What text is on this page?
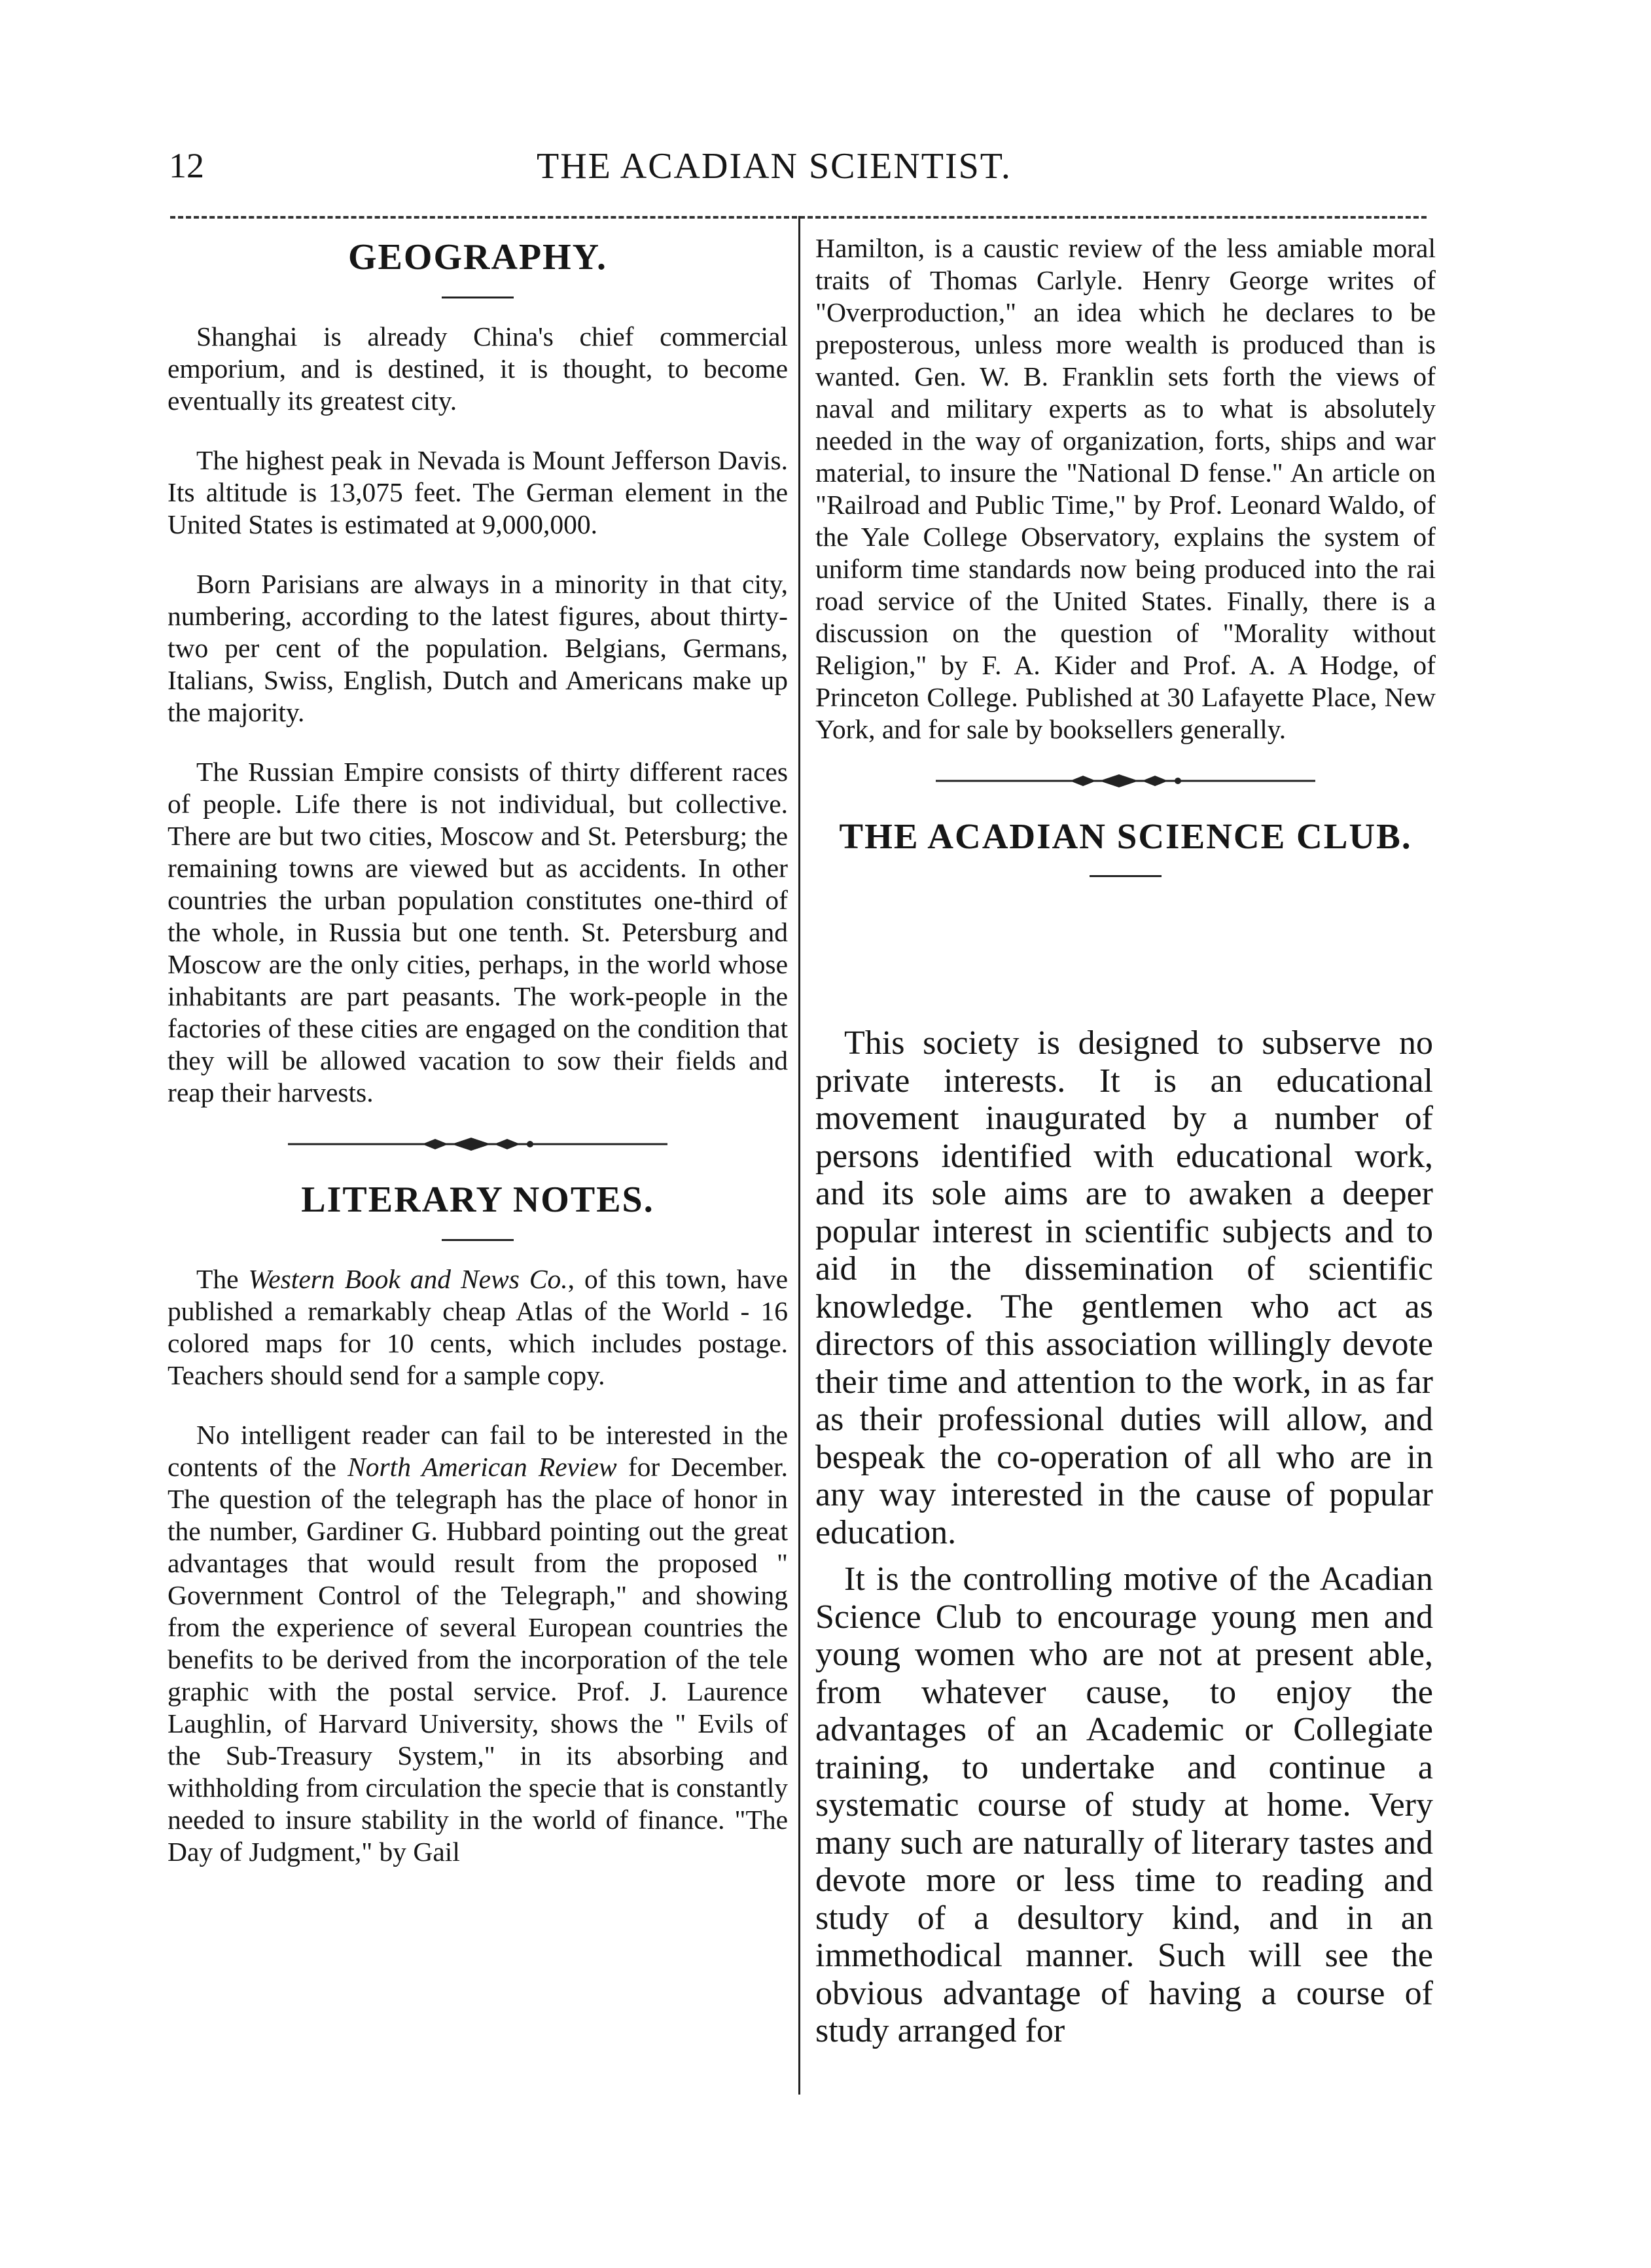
12	THE ACADIAN SCIENTIST.
GEOGRAPHY.

Shanghai is already China's chief commercial emporium, and is destined, it is thought, to become eventually its greatest city.

The highest peak in Nevada is Mount Jefferson Davis. Its altitude is 13,075 feet. The German element in the United States is estimated at 9,000,000.

Born Parisians are always in a minority in that city, numbering, according to the latest figures, about thirty-two per cent of the population. Belgians, Germans, Italians, Swiss, English, Dutch and Americans make up the majority.

The Russian Empire consists of thirty different races of people. Life there is not individual, but collective. There are but two cities, Moscow and St. Petersburg; the remaining towns are viewed but as accidents. In other countries the urban population constitutes one-third of the whole, in Russia but one tenth. St. Petersburg and Moscow are the only cities, perhaps, in the world whose inhabitants are part peasants. The work-people in the factories of these cities are engaged on the condition that they will be allowed vacation to sow their fields and reap their harvests.

LITERARY NOTES.

The Western Book and News Co., of this town, have published a remarkably cheap Atlas of the World - 16 colored maps for 10 cents, which includes postage. Teachers should send for a sample copy.

No intelligent reader can fail to be interested in the contents of the North American Review for December. The question of the telegraph has the place of honor in the number, Gardiner G. Hubbard pointing out the great advantages that would result from the proposed " Government Control of the Telegraph," and showing from the experience of several European countries the benefits to be derived from the incorporation of the tele graphic with the postal service. Prof. J. Laurence Laughlin, of Harvard University, shows the " Evils of the Sub-Treasury System," in its absorbing and withholding from circulation the specie that is constantly needed to insure stability in the world of finance. "The Day of Judgment," by Gail

Hamilton, is a caustic review of the less amiable moral traits of Thomas Carlyle. Henry George writes of "Overproduction," an idea which he declares to be preposterous, unless more wealth is produced than is wanted. Gen. W. B. Franklin sets forth the views of naval and military experts as to what is absolutely needed in the way of organization, forts, ships and war material, to insure the "National D fense." An article on "Railroad and Public Time," by Prof. Leonard Waldo, of the Yale College Observatory, explains the system of uniform time standards now being produced into the rai road service of the United States. Finally, there is a discussion on the question of "Morality without Religion," by F. A. Kider and Prof. A. A Hodge, of Princeton College. Published at 30 Lafayette Place, New York, and for sale by booksellers generally.

THE ACADIAN SCIENCE CLUB.

This society is designed to subserve no private interests. It is an educational movement inaugurated by a number of persons identified with educational work, and its sole aims are to awaken a deeper popular interest in scientific subjects and to aid in the dissemination of scientific knowledge. The gentlemen who act as directors of this association willingly devote their time and attention to the work, in as far as their professional duties will allow, and bespeak the co-operation of all who are in any way interested in the cause of popular education.

It is the controlling motive of the Acadian Science Club to encourage young men and young women who are not at present able, from whatever cause, to enjoy the advantages of an Academic or Collegiate training, to undertake and continue a systematic course of study at home. Very many such are naturally of literary tastes and devote more or less time to reading and study of a desultory kind, and in an immethodical manner. Such will see the obvious advantage of having a course of study arranged for
